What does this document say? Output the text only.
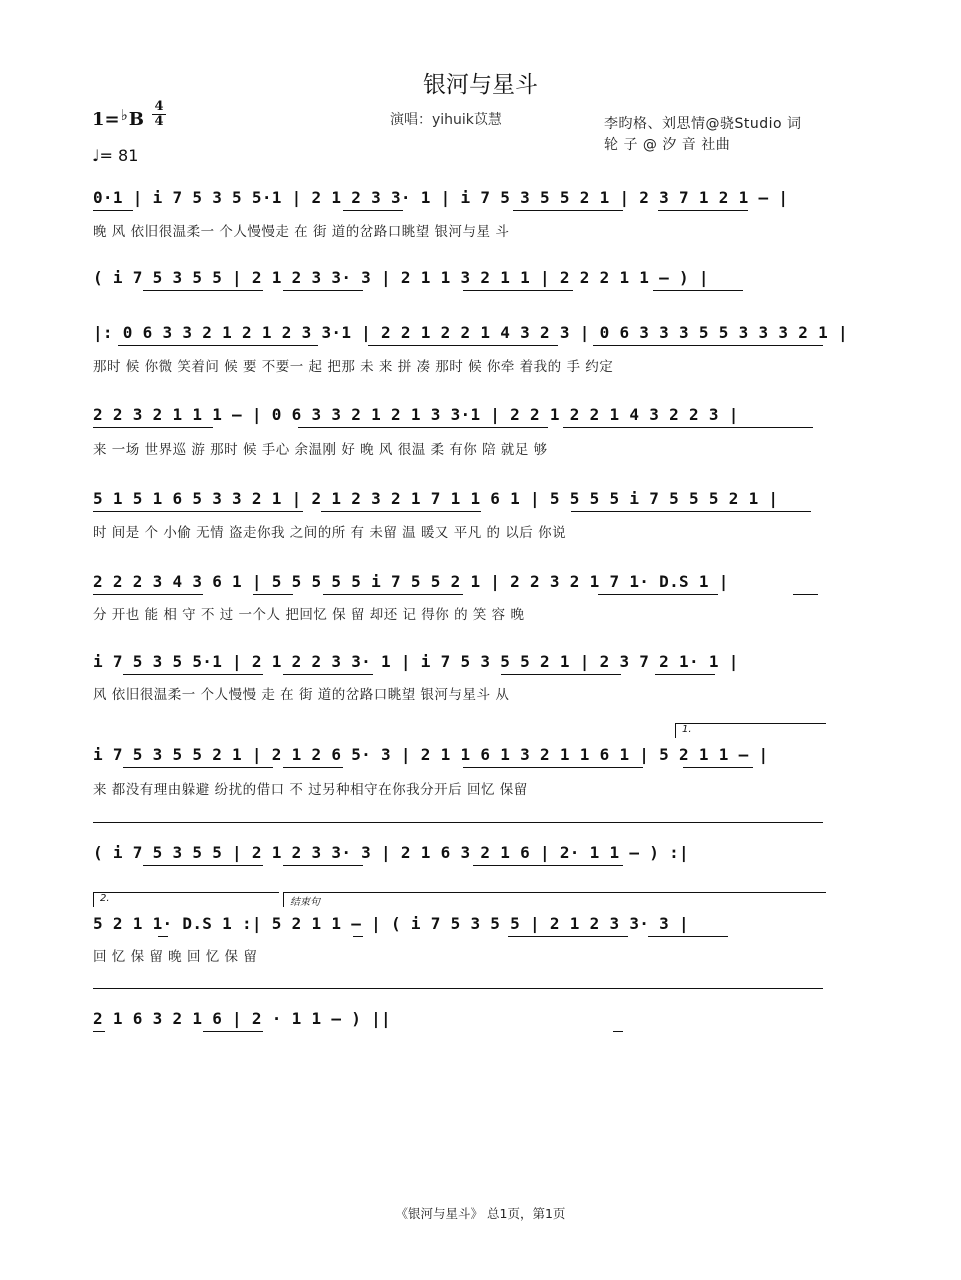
银河与星斗
1=♭B
4
4
♩= 81
演唱：yihuik苡慧	李昀格、刘思情@骁Studio 词
轮 子 @ 汐 音 社曲
0·1 | i 7 5 3 5 5·1 | 2 1 2 3 3· 1 | i 7 5 3 5 5 2 1 | 2 3 7 1 2 1 – |
晚 风 依旧很温柔一 个人慢慢走 在 街 道的岔路口眺望 银河与星 斗
( i 7 5 3 5 5 | 2 1 2 3 3· 3 | 2 1 1 3 2 1 1 | 2 2 2 1 1 – ) |
|: 0 6 3 3 2 1 2 1 2 3 3·1 | 2 2 1 2 2 1 4 3 2 3 | 0 6 3 3 3 5 5 3 3 3 2 1 |
那时 候 你微 笑着问 候 要 不要一 起 把那 未 来 拼 凑 那时 候 你牵 着我的 手 约定
2 2 3 2 1 1 1 – | 0 6 3 3 2 1 2 1 3 3·1 | 2 2 1 2 2 1 4 3 2 2 3 |
来 一场 世界巡 游 那时 候 手心 余温刚 好 晚 风 很温 柔 有你 陪 就足 够
5 1 5 1 6 5 3 3 2 1 | 2 1 2 3 2 1 7 1 1 6 1 | 5 5 5 5 i 7 5 5 5 2 1 |
时 间是 个 小偷 无情 盗走你我 之间的所 有 未留 温 暖又 平凡 的 以后 你说
2 2 2 3 4 3 6 1 | 5 5 5 5 5 i 7 5 5 2 1 | 2 2 3 2 1 7 1· D.S 1 |
分 开也 能 相 守 不 过 一个人 把回忆 保 留 却还 记 得你 的 笑 容 晚
i 7 5 3 5 5·1 | 2 1 2 2 3 3· 1 | i 7 5 3 5 5 2 1 | 2 3 7 2 1· 1 |
风 依旧很温柔一 个人慢慢 走 在 街 道的岔路口眺望 银河与星斗 从
1.
i 7 5 3 5 5 2 1 | 2 1 2 6 5· 3 | 2 1 1 6 1 3 2 1 1 6 1 | 5 2 1 1 – |
来 都没有理由躲避 纷扰的借口 不 过另种相守在你我分开后 回忆 保留
( i 7 5 3 5 5 | 2 1 2 3 3· 3 | 2 1 6 3 2 1 6 | 2· 1 1 – ) :|
2.	结束句
5 2 1 1· D.S 1 :| 5 2 1 1 – | ( i 7 5 3 5 5 | 2 1 2 3 3· 3 |
回 忆 保 留 晚 回 忆 保 留
2 1 6 3 2 1 6 | 2 · 1 1 – ) ||
《银河与星斗》 总1页，第1页
